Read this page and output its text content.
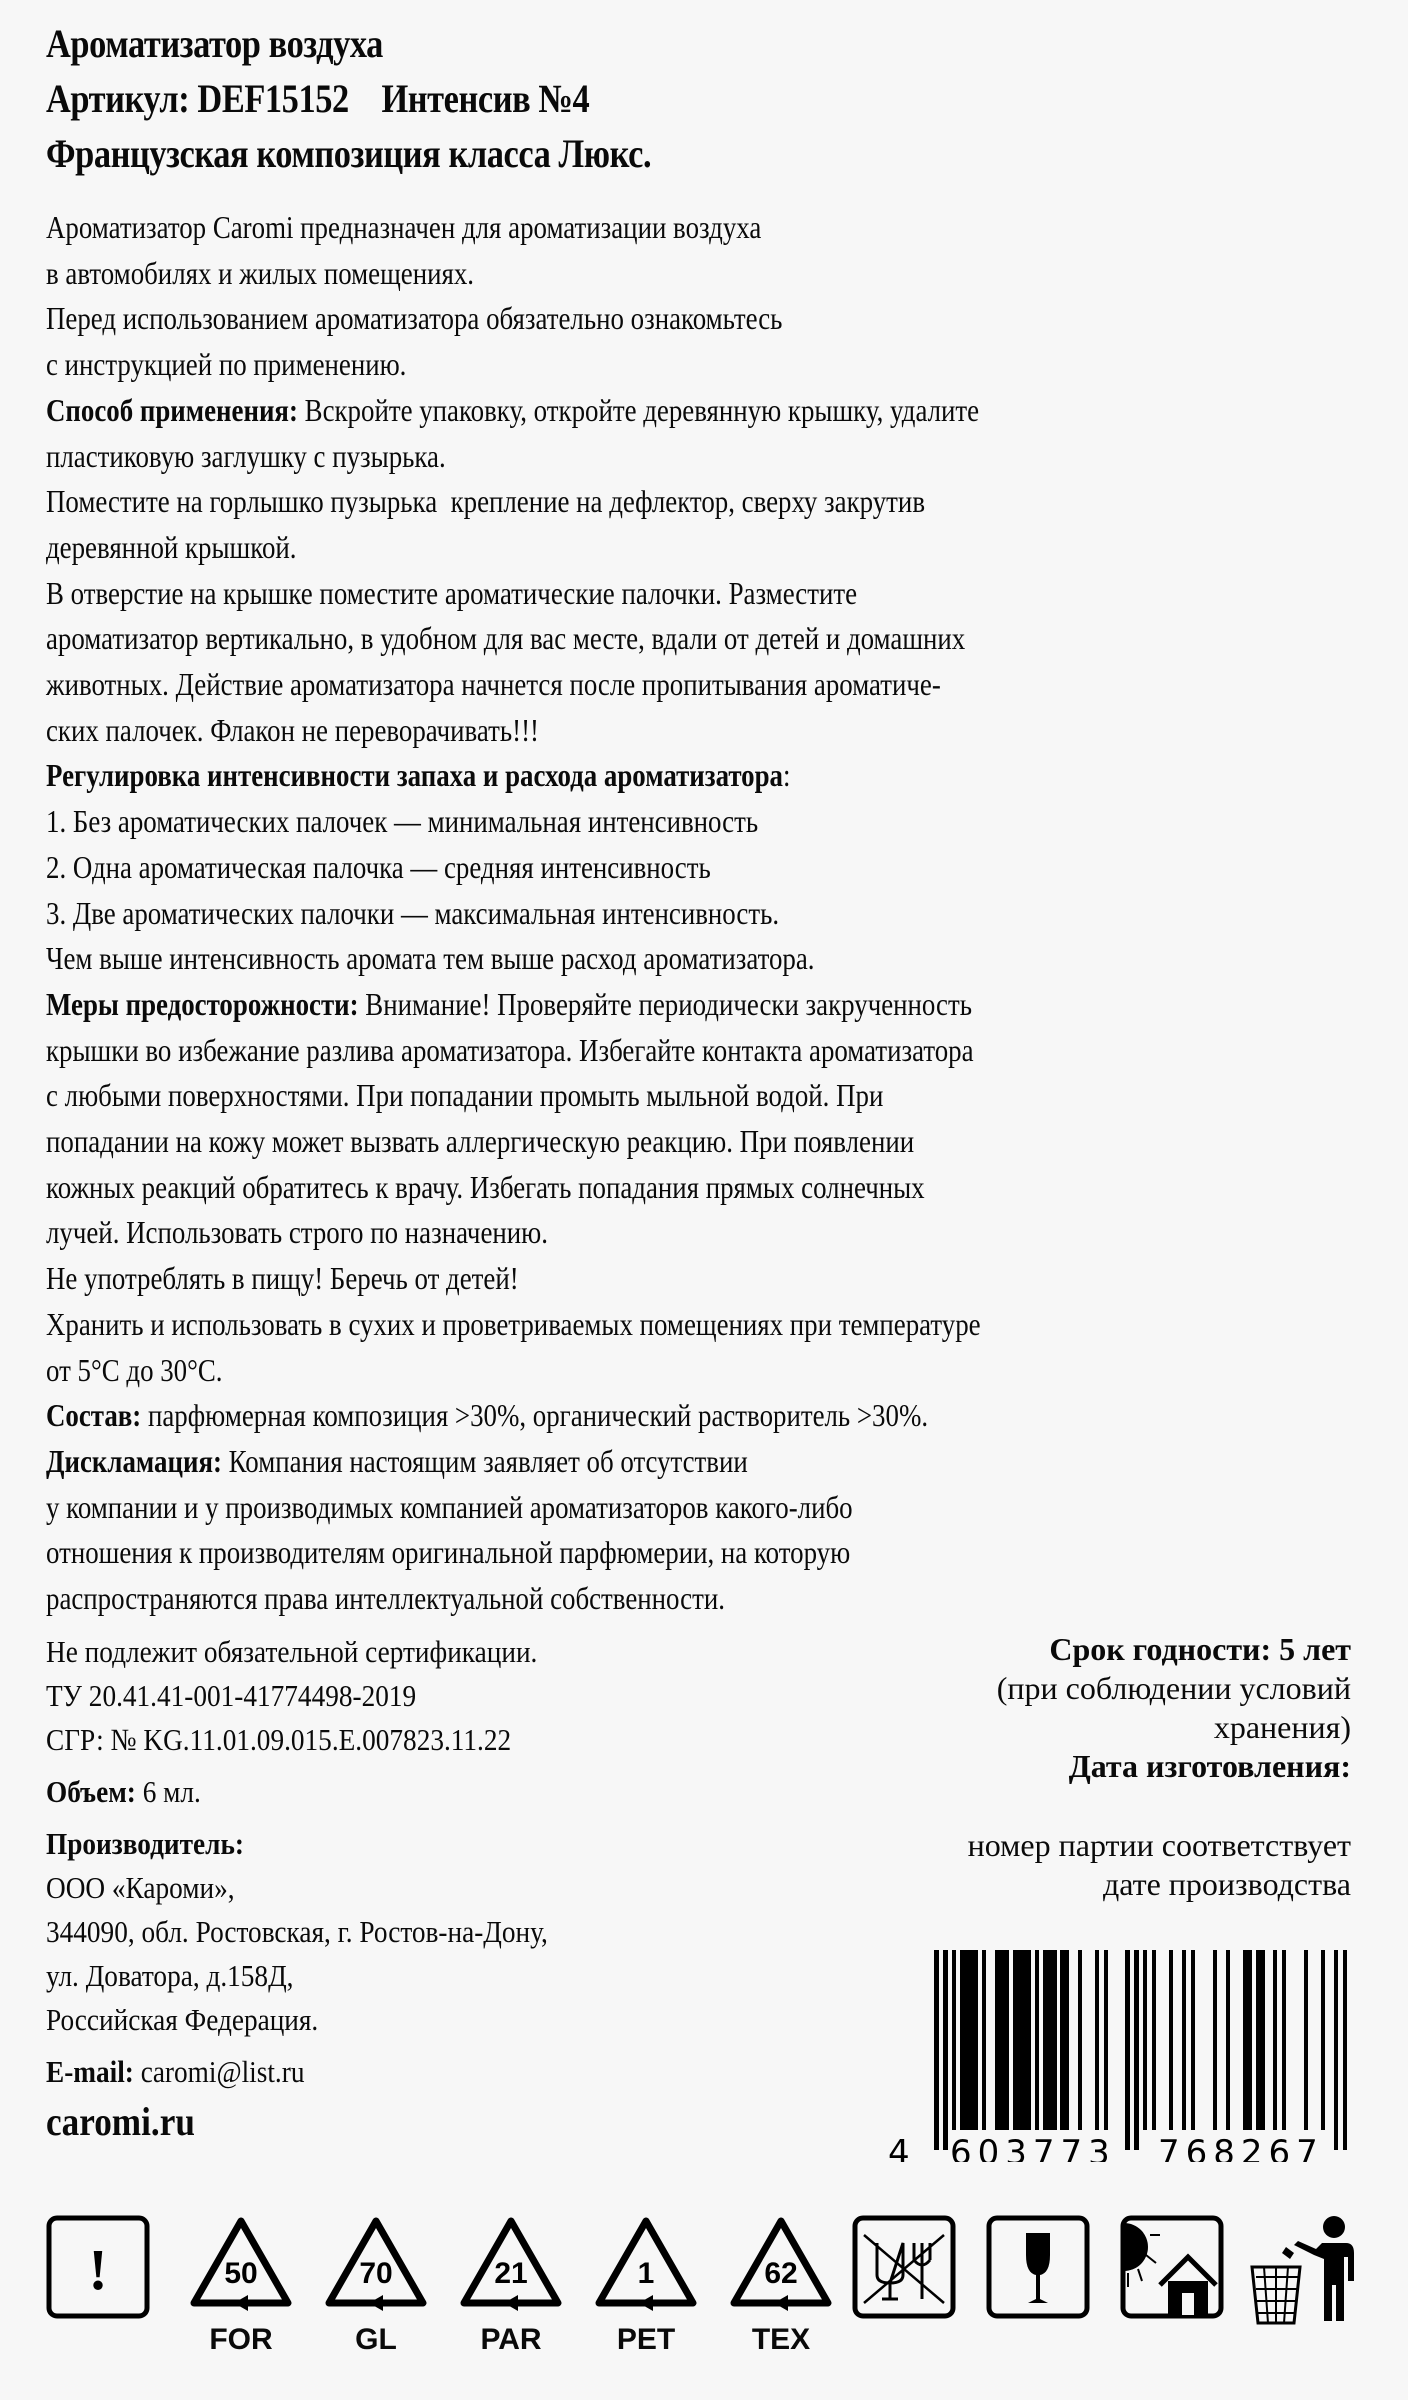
Ароматизатор воздуха
Артикул: DEF15152    Интенсив №4
Французская композиция класса Люкс.
Ароматизатор Caromi предназначен для ароматизации воздуха
в автомобилях и жилых помещениях.
Перед использованием ароматизатора обязательно ознакомьтесь
с инструкцией по применению.
Способ применения: Вскройте упаковку, откройте деревянную крышку, удалите
пластиковую заглушку с пузырька.
Поместите на горлышко пузырька  крепление на дефлектор, сверху закрутив
деревянной крышкой.
В отверстие на крышке поместите ароматические палочки. Разместите
ароматизатор вертикально, в удобном для вас месте, вдали от детей и домашних
животных. Действие ароматизатора начнется после пропитывания ароматиче-
ских палочек. Флакон не переворачивать!!!
Регулировка интенсивности запаха и расхода ароматизатора:
1. Без ароматических палочек — минимальная интенсивность
2. Одна ароматическая палочка — средняя интенсивность
3. Две ароматических палочки — максимальная интенсивность.
Чем выше интенсивность аромата тем выше расход ароматизатора.
Меры предосторожности: Внимание! Проверяйте периодически закрученность
крышки во избежание разлива ароматизатора. Избегайте контакта ароматизатора
с любыми поверхностями. При попадании промыть мыльной водой. При
попадании на кожу может вызвать аллергическую реакцию. При появлении
кожных реакций обратитесь к врачу. Избегать попадания прямых солнечных
лучей. Использовать строго по назначению.
Не употреблять в пищу! Беречь от детей!
Хранить и использовать в сухих и проветриваемых помещениях при температуре
от 5°C до 30°C.
Состав: парфюмерная композиция >30%, органический растворитель >30%.
Дискламация: Компания настоящим заявляет об отсутствии
у компании и у производимых компанией ароматизаторов какого-либо
отношения к производителям оригинальной парфюмерии, на которую
распространяются права интеллектуальной собственности.
Не подлежит обязательной сертификации.
ТУ 20.41.41-001-41774498-2019
СГР: № KG.11.01.09.015.E.007823.11.22
Объем: 6 мл.
Производитель:
ООО «Кароми»,
344090, обл. Ростовская, г. Ростов-на-Дону,
ул. Доватора, д.158Д,
Российская Федерация.
E-mail: caromi@list.ru
caromi.ru
Срок годности: 5 лет
(при соблюдении условий
хранения)
Дата изготовления:
номер партии соответствует
дате производства
4 603773 768267
!	50
FOR
70
GL
21
PAR
1
PET
62
TEX
